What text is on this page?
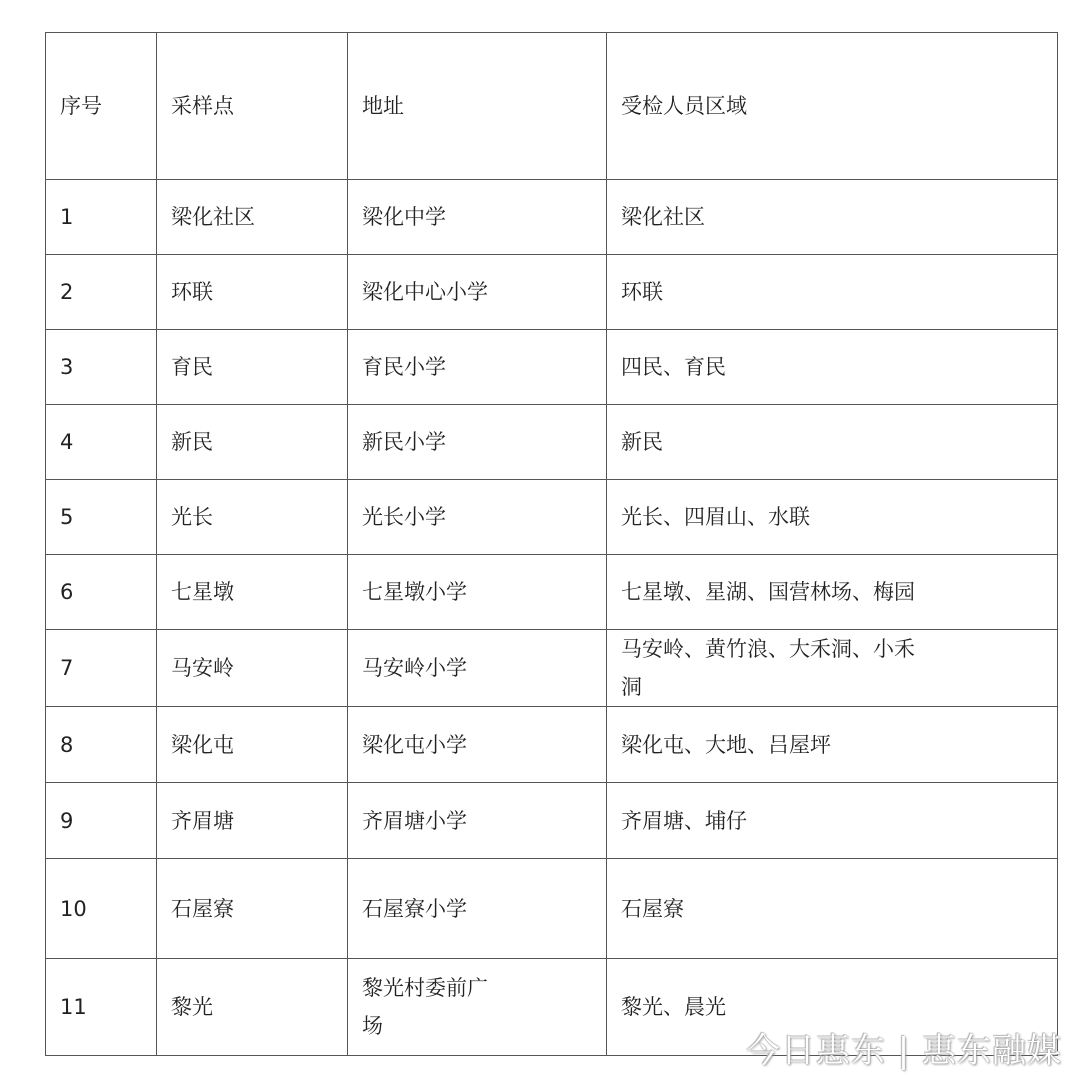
序号	采样点	地址	受检人员区域

1	梁化社区	梁化中学	梁化社区

2	环联	梁化中心小学	环联

3	育民	育民小学	四民、育民

4	新民	新民小学	新民

5	光长	光长小学	光长、四眉山、水联

6	七星墩	七星墩小学	七星墩、星湖、国营林场、梅园

7	马安岭	马安岭小学	马安岭、黄竹浪、大禾洞、小禾洞

8	梁化屯	梁化屯小学	梁化屯、大地、吕屋坪

9	齐眉塘	齐眉塘小学	齐眉塘、埔仔

10	石屋寮	石屋寮小学	石屋寮

11	黎光	黎光村委前广场	黎光、晨光
今日惠东 | 惠东融媒
